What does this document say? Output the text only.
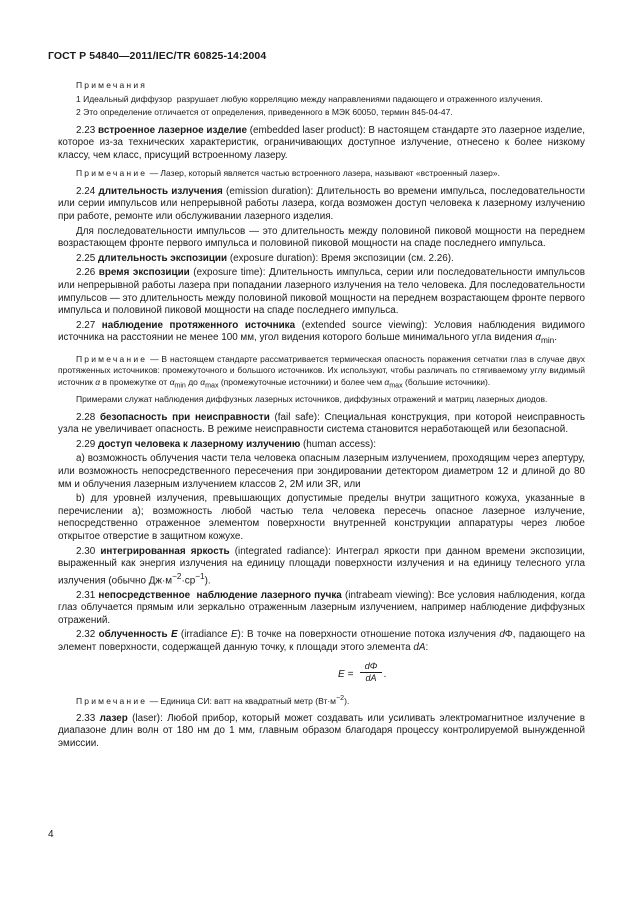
ГОСТ Р 54840—2011/IEC/TR 60825-14:2004

Примечания

1 Идеальный диффузор  разрушает любую корреляцию между направлениями падающего и отраженного излучения.

2 Это определение отличается от определения, приведенного в МЭК 60050, термин 845-04-47.

2.23 встроенное лазерное изделие (embedded laser product): В настоящем стандарте это лазерное изделие, которое из-за технических характеристик, ограничивающих доступное излучение, отнесено к более низкому классу, чем класс, присущий встроенному лазеру.

Примечание — Лазер, который является частью встроенного лазера, называют «встроенный лазер».

2.24 длительность излучения (emission duration): Длительность во времени импульса, последовательности или серии импульсов или непрерывной работы лазера, когда возможен доступ человека к лазерному излучению при работе, ремонте или обслуживании лазерного изделия.

Для последовательности импульсов — это длительность между половиной пиковой мощности на переднем возрастающем фронте первого импульса и половиной пиковой мощности на спаде последнего импульса.

2.25 длительность экспозиции (exposure duration): Время экспозиции (см. 2.26).

2.26 время экспозиции (exposure time): Длительность импульса, серии или последовательности импульсов или непрерывной работы лазера при попадании лазерного излучения на тело человека. Для последовательности импульсов — это длительность между половиной пиковой мощности на переднем возрастающем фронте первого импульса и половиной пиковой мощности на спаде последнего импульса.

2.27 наблюдение протяженного источника (extended source viewing): Условия наблюдения видимого источника на расстоянии не менее 100 мм, угол видения которого больше минимального угла видения $\alpha_{min}$.

Примечание — В настоящем стандарте рассматривается термическая опасность поражения сетчатки глаз в случае двух протяженных источников: промежуточного и большого источников. Их используют, чтобы различать по стягиваемому углу видимый источник α в промежутке от $\alpha_{min}$ до $\alpha_{max}$ (промежуточные источники) и более чем $\alpha_{max}$ (большие источники).

Примерами служат наблюдения диффузных лазерных источников, диффузных отражений и матриц лазерных диодов.

2.28 безопасность при неисправности (fail safe): Специальная конструкция, при которой неисправность узла не увеличивает опасность. В режиме неисправности система становится неработающей или безопасной.

2.29 доступ человека к лазерному излучению (human access):

а) возможность облучения части тела человека опасным лазерным излучением, проходящим через апертуру, или возможность непосредственного пересечения при зондировании детектором диаметром 12 и длиной до 80 мм и облучения лазерным излучением классов 2, 2М или 3R, или

b) для уровней излучения, превышающих допустимые пределы внутри защитного кожуха, указанные в перечислении а); возможность любой частью тела человека пересечь опасное лазерное излучение, непосредственно отраженное элементом поверхности внутренней конструкции аппаратуры через любое открытое отверстие в защитном кожухе.

2.30 интегрированная яркость (integrated radiance): Интеграл яркости при данном времени экспозиции, выраженный как энергия излучения на единицу площади поверхности излучения и на единицу телесного угла излучения (обычно $Дж\cdot м^{-2}\cdot ср^{-1}$).

2.31 непосредственное  наблюдение лазерного пучка (intrabeam viewing): Все условия наблюдения, когда глаз облучается прямым или зеркально отраженным лазерным излучением, например наблюдение диффузных отражений.

2.32 облученность E (irradiance E): В точке на поверхности отношение потока излучения dΦ, падающего на элемент поверхности, содержащей данную точку, к площади этого элемента dA:

$E = \frac{d\Phi}{dA}$ .

Примечание — Единица СИ: ватт на квадратный метр $(Вт\cdot м^{-2})$.

2.33 лазер (laser): Любой прибор, который может создавать или усиливать электромагнитное излучение в диапазоне длин волн от 180 нм до 1 мм, главным образом благодаря процессу контролируемой вынужденной эмиссии.

4
